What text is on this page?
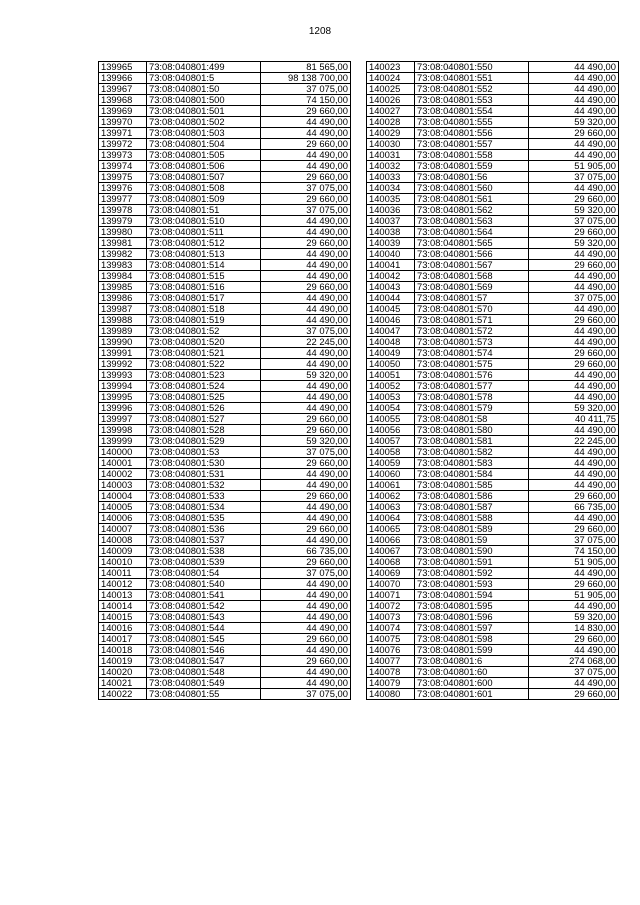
1208
139965	73:08:040801:499	81 565,00
139966	73:08:040801:5	98 138 700,00
139967	73:08:040801:50	37 075,00
139968	73:08:040801:500	74 150,00
139969	73:08:040801:501	29 660,00
139970	73:08:040801:502	44 490,00
139971	73:08:040801:503	44 490,00
139972	73:08:040801:504	29 660,00
139973	73:08:040801:505	44 490,00
139974	73:08:040801:506	44 490,00
139975	73:08:040801:507	29 660,00
139976	73:08:040801:508	37 075,00
139977	73:08:040801:509	29 660,00
139978	73:08:040801:51	37 075,00
139979	73:08:040801:510	44 490,00
139980	73:08:040801:511	44 490,00
139981	73:08:040801:512	29 660,00
139982	73:08:040801:513	44 490,00
139983	73:08:040801:514	44 490,00
139984	73:08:040801:515	44 490,00
139985	73:08:040801:516	29 660,00
139986	73:08:040801:517	44 490,00
139987	73:08:040801:518	44 490,00
139988	73:08:040801:519	44 490,00
139989	73:08:040801:52	37 075,00
139990	73:08:040801:520	22 245,00
139991	73:08:040801:521	44 490,00
139992	73:08:040801:522	44 490,00
139993	73:08:040801:523	59 320,00
139994	73:08:040801:524	44 490,00
139995	73:08:040801:525	44 490,00
139996	73:08:040801:526	44 490,00
139997	73:08:040801:527	29 660,00
139998	73:08:040801:528	29 660,00
139999	73:08:040801:529	59 320,00
140000	73:08:040801:53	37 075,00
140001	73:08:040801:530	29 660,00
140002	73:08:040801:531	44 490,00
140003	73:08:040801:532	44 490,00
140004	73:08:040801:533	29 660,00
140005	73:08:040801:534	44 490,00
140006	73:08:040801:535	44 490,00
140007	73:08:040801:536	29 660,00
140008	73:08:040801:537	44 490,00
140009	73:08:040801:538	66 735,00
140010	73:08:040801:539	29 660,00
140011	73:08:040801:54	37 075,00
140012	73:08:040801:540	44 490,00
140013	73:08:040801:541	44 490,00
140014	73:08:040801:542	44 490,00
140015	73:08:040801:543	44 490,00
140016	73:08:040801:544	44 490,00
140017	73:08:040801:545	29 660,00
140018	73:08:040801:546	44 490,00
140019	73:08:040801:547	29 660,00
140020	73:08:040801:548	44 490,00
140021	73:08:040801:549	44 490,00
140022	73:08:040801:55	37 075,00
140023	73:08:040801:550	44 490,00
140024	73:08:040801:551	44 490,00
140025	73:08:040801:552	44 490,00
140026	73:08:040801:553	44 490,00
140027	73:08:040801:554	44 490,00
140028	73:08:040801:555	59 320,00
140029	73:08:040801:556	29 660,00
140030	73:08:040801:557	44 490,00
140031	73:08:040801:558	44 490,00
140032	73:08:040801:559	51 905,00
140033	73:08:040801:56	37 075,00
140034	73:08:040801:560	44 490,00
140035	73:08:040801:561	29 660,00
140036	73:08:040801:562	59 320,00
140037	73:08:040801:563	37 075,00
140038	73:08:040801:564	29 660,00
140039	73:08:040801:565	59 320,00
140040	73:08:040801:566	44 490,00
140041	73:08:040801:567	29 660,00
140042	73:08:040801:568	44 490,00
140043	73:08:040801:569	44 490,00
140044	73:08:040801:57	37 075,00
140045	73:08:040801:570	44 490,00
140046	73:08:040801:571	29 660,00
140047	73:08:040801:572	44 490,00
140048	73:08:040801:573	44 490,00
140049	73:08:040801:574	29 660,00
140050	73:08:040801:575	29 660,00
140051	73:08:040801:576	44 490,00
140052	73:08:040801:577	44 490,00
140053	73:08:040801:578	44 490,00
140054	73:08:040801:579	59 320,00
140055	73:08:040801:58	40 411,75
140056	73:08:040801:580	44 490,00
140057	73:08:040801:581	22 245,00
140058	73:08:040801:582	44 490,00
140059	73:08:040801:583	44 490,00
140060	73:08:040801:584	44 490,00
140061	73:08:040801:585	44 490,00
140062	73:08:040801:586	29 660,00
140063	73:08:040801:587	66 735,00
140064	73:08:040801:588	44 490,00
140065	73:08:040801:589	29 660,00
140066	73:08:040801:59	37 075,00
140067	73:08:040801:590	74 150,00
140068	73:08:040801:591	51 905,00
140069	73:08:040801:592	44 490,00
140070	73:08:040801:593	29 660,00
140071	73:08:040801:594	51 905,00
140072	73:08:040801:595	44 490,00
140073	73:08:040801:596	59 320,00
140074	73:08:040801:597	14 830,00
140075	73:08:040801:598	29 660,00
140076	73:08:040801:599	44 490,00
140077	73:08:040801:6	274 068,00
140078	73:08:040801:60	37 075,00
140079	73:08:040801:600	44 490,00
140080	73:08:040801:601	29 660,00
